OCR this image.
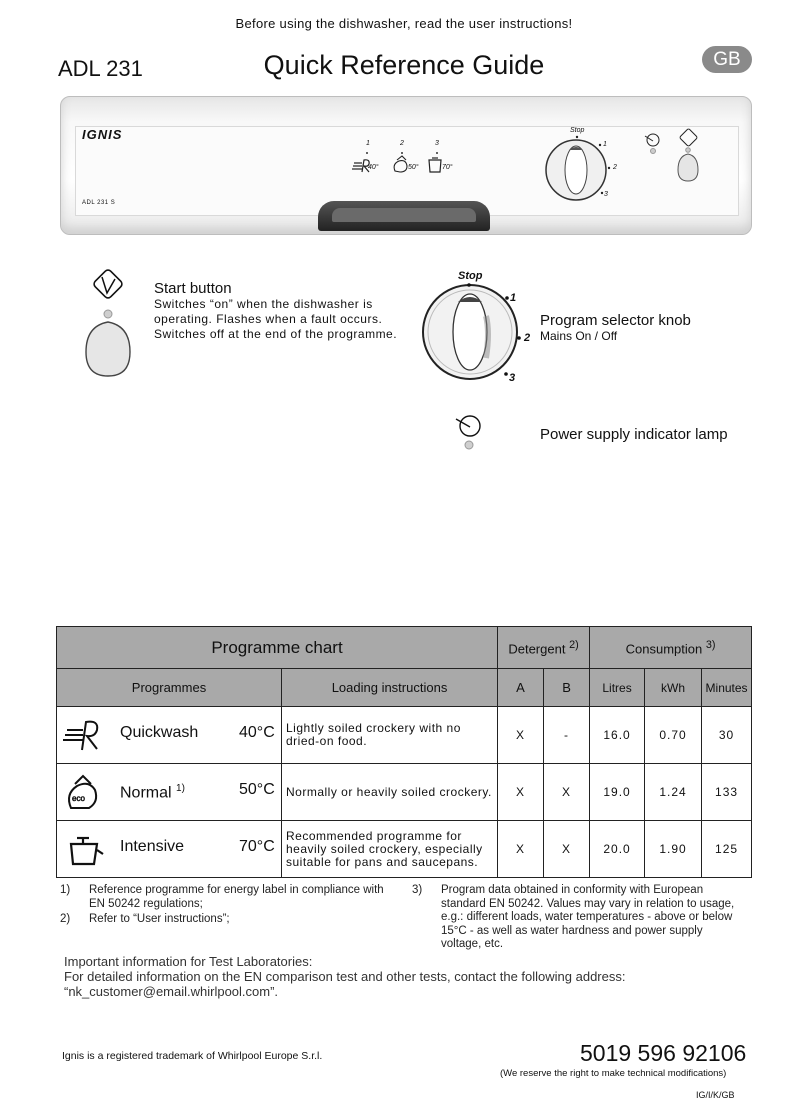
Before using the dishwasher, read the user instructions!
ADL 231	Quick Reference Guide	GB
IGNIS
ADL 231 S
1	2	3
40°	50°	70°
Stop
1
2
3
Start button
Switches “on” when the dishwasher is
operating. Flashes when a fault occurs.
Switches off at the end of the programme.
Stop
1
2
3
Program selector knob
Mains On / Off
Power supply indicator lamp
Programme chart		Detergent $^{2)}$		Consumption $^{3)}$
Programmes	Loading instructions	A	B	Litres	kWh	Minutes

Quickwash 40°C	Lightly soiled crockery with no dried-on food.	X	-	16.0	0.70	30

eco Normal $^{1)}$ 50°C	Normally or heavily soiled crockery.	X	X	19.0	1.24	133

Intensive 70°C	Recommended programme for heavily soiled crockery, especially suitable for pans and saucepans.	X	X	20.0	1.90	125
1) Reference programme for energy label in compliance with
EN 50242 regulations;
2) Refer to “User instructions”;
3) Program data obtained in conformity with European
standard EN 50242. Values may vary in relation to usage,
e.g.: different loads, water temperatures - above or below
15°C - as well as water hardness and power supply
voltage, etc.
Important information for Test Laboratories:
For detailed information on the EN comparison test and other tests, contact the following address:
“nk_customer@email.whirlpool.com”.
Ignis is a registered trademark of Whirlpool Europe S.r.l.	5019 596 92106
(We reserve the right to make technical modifications)
IG/I/K/GB
